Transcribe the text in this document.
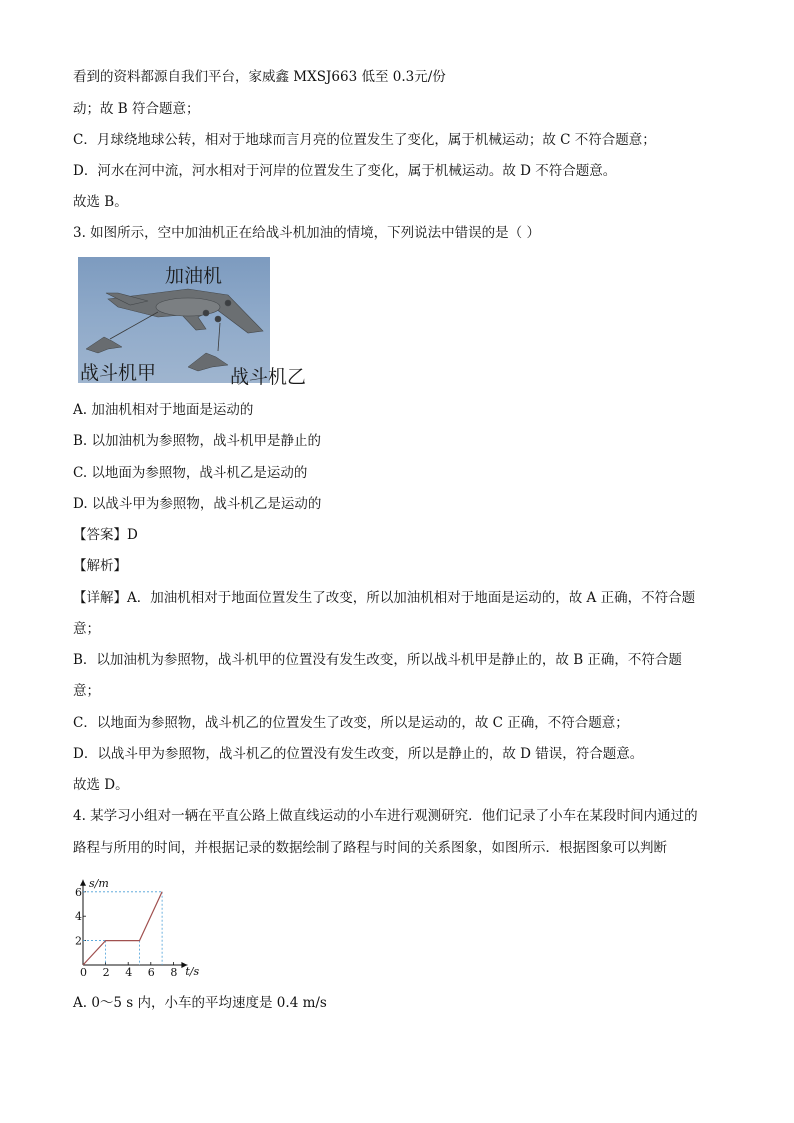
看到的资料都源自我们平台，家威鑫 MXSJ663 低至 0.3元/份
动；故 B 符合题意；
C．月球绕地球公转，相对于地球而言月亮的位置发生了变化，属于机械运动；故 C 不符合题意；
D．河水在河中流，河水相对于河岸的位置发生了变化，属于机械运动。故 D 不符合题意。
故选 B。
3. 如图所示，空中加油机正在给战斗机加油的情境，下列说法中错误的是（ ）
加油机
战斗机甲	战斗机乙
A. 加油机相对于地面是运动的
B. 以加油机为参照物，战斗机甲是静止的
C. 以地面为参照物，战斗机乙是运动的
D. 以战斗甲为参照物，战斗机乙是运动的
【答案】D
【解析】
【详解】A．加油机相对于地面位置发生了改变，所以加油机相对于地面是运动的，故 A 正确，不符合题
意；
B．以加油机为参照物，战斗机甲的位置没有发生改变，所以战斗机甲是静止的，故 B 正确，不符合题
意；
C．以地面为参照物，战斗机乙的位置发生了改变，所以是运动的，故 C 正确，不符合题意；
D．以战斗甲为参照物，战斗机乙的位置没有发生改变，所以是静止的，故 D 错误，符合题意。
故选 D。
4. 某学习小组对一辆在平直公路上做直线运动的小车进行观测研究．他们记录了小车在某段时间内通过的
路程与所用的时间，并根据记录的数据绘制了路程与时间的关系图象，如图所示．根据图象可以判断
s/m
t/s
0 2 4 6 8
2
4
6
A. 0～5 s 内，小车的平均速度是 0.4 m/s
